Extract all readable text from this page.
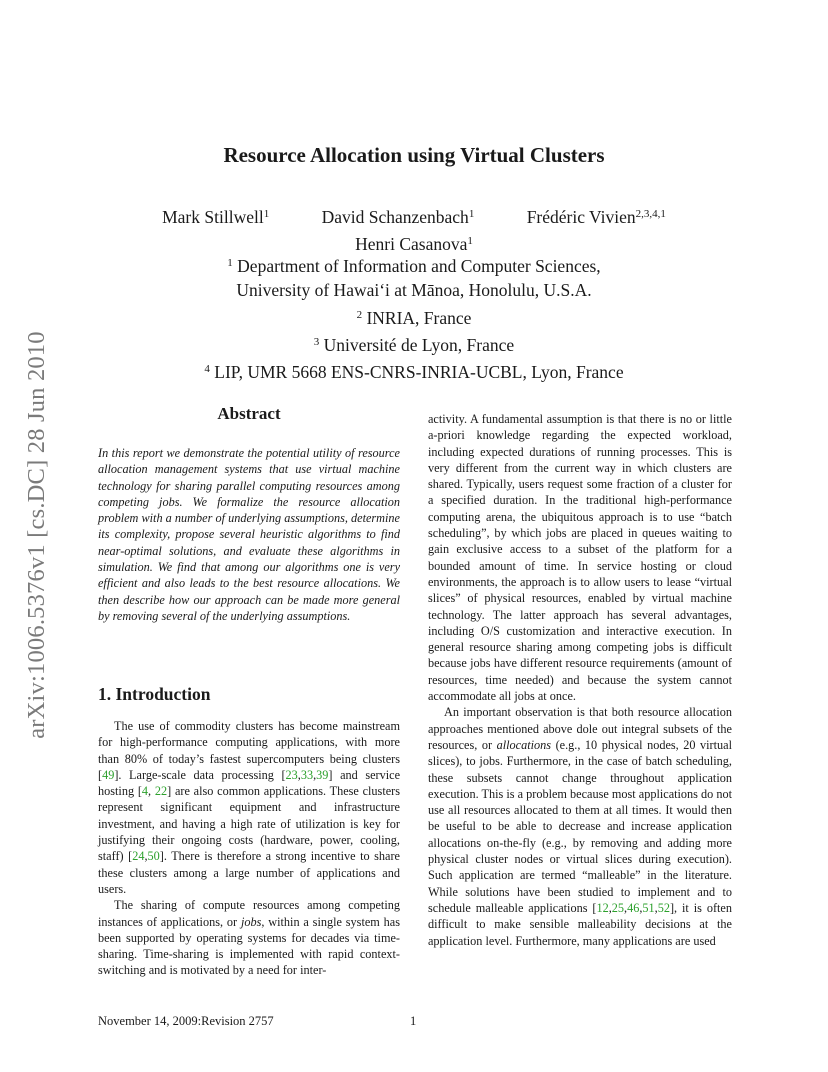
arXiv:1006.5376v1 [cs.DC] 28 Jun 2010
Resource Allocation using Virtual Clusters
Mark Stillwell$^1$	David Schanzenbach$^1$	Frédéric Vivien$^{2,3,4,1}$
Henri Casanova$^1$
$^1$ Department of Information and Computer Sciences,
University of Hawaiʻi at Mānoa, Honolulu, U.S.A.
$^2$ INRIA, France
$^3$ Université de Lyon, France
$^4$ LIP, UMR 5668 ENS-CNRS-INRIA-UCBL, Lyon, France
Abstract

In this report we demonstrate the potential utility of resource allocation management systems that use virtual machine technology for sharing parallel computing resources among competing jobs. We formalize the resource allocation problem with a number of underlying assumptions, determine its complexity, propose several heuristic algorithms to find near-optimal solutions, and evaluate these algorithms in simulation. We find that among our algorithms one is very efficient and also leads to the best resource allocations. We then describe how our approach can be made more general by removing several of the underlying assumptions.

1. Introduction

The use of commodity clusters has become mainstream for high-performance computing applications, with more than 80% of today’s fastest supercomputers being clusters [49]. Large-scale data processing [23,33,39] and service hosting [4, 22] are also common applications. These clusters represent significant equipment and infrastructure investment, and having a high rate of utilization is key for justifying their ongoing costs (hardware, power, cooling, staff) [24,50]. There is therefore a strong incentive to share these clusters among a large number of applications and users.

The sharing of compute resources among competing instances of applications, or jobs, within a single system has been supported by operating systems for decades via time-sharing. Time-sharing is implemented with rapid context-switching and is motivated by a need for inter-

activity. A fundamental assumption is that there is no or little a-priori knowledge regarding the expected workload, including expected durations of running processes. This is very different from the current way in which clusters are shared. Typically, users request some fraction of a cluster for a specified duration. In the traditional high-performance computing arena, the ubiquitous approach is to use “batch scheduling”, by which jobs are placed in queues waiting to gain exclusive access to a subset of the platform for a bounded amount of time. In service hosting or cloud environments, the approach is to allow users to lease “virtual slices” of physical resources, enabled by virtual machine technology. The latter approach has several advantages, including O/S customization and interactive execution. In general resource sharing among competing jobs is difficult because jobs have different resource requirements (amount of resources, time needed) and because the system cannot accommodate all jobs at once.

An important observation is that both resource allocation approaches mentioned above dole out integral subsets of the resources, or allocations (e.g., 10 physical nodes, 20 virtual slices), to jobs. Furthermore, in the case of batch scheduling, these subsets cannot change throughout application execution. This is a problem because most applications do not use all resources allocated to them at all times. It would then be useful to be able to decrease and increase application allocations on-the-fly (e.g., by removing and adding more physical cluster nodes or virtual slices during execution). Such application are termed “malleable” in the literature. While solutions have been studied to implement and to schedule malleable applications [12,25,46,51,52], it is often difficult to make sensible malleability decisions at the application level. Furthermore, many applications are used

November 14, 2009:Revision 2757	1
